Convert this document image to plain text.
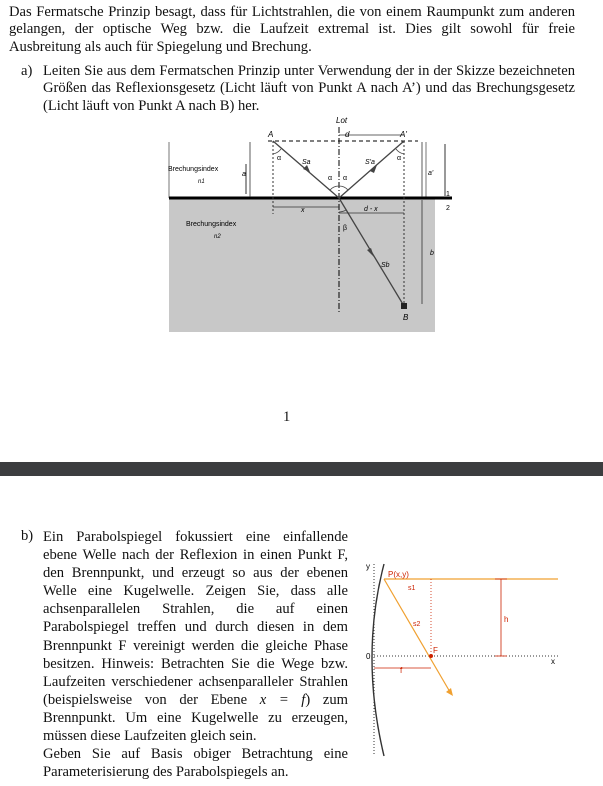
Das Fermatsche Prinzip besagt, dass für Lichtstrahlen, die von einem Raumpunkt zum anderen gelangen, der optische Weg bzw. die Laufzeit extremal ist. Dies gilt sowohl für freie Ausbreitung als auch für Spiegelung und Brechung.
a) Leiten Sie aus dem Fermatschen Prinzip unter Verwendung der in der Skizze bezeichneten Größen das Reflexionsgesetz (Licht läuft von Punkt A nach A’) und das Brechungsgesetz (Licht läuft von Punkt A nach B) her.
Lot
A	A'
B
d
α	α
α α
β
Sa	S'a
Sb
a	a'
b
x	d - x
1
2
Brechungsindex
n1
Brechungsindex
n2
1
b) Ein Parabolspiegel fokussiert eine einfallende ebene Welle nach der Reflexion in einen Punkt F, den Brennpunkt, und erzeugt so aus der ebenen Welle eine Kugelwelle. Zeigen Sie, dass alle achsenparallelen Strahlen, die auf einen Parabolspiegel treffen und durch diesen in dem Brennpunkt F vereinigt werden die gleiche Phase besitzen. Hinweis: Betrachten Sie die Wege bzw. Laufzeiten verschiedener achsenparalleler Strahlen (beispielsweise von der Ebene x = f) zum Brennpunkt. Um eine Kugelwelle zu erzeugen, müssen diese Laufzeiten gleich sein.
Geben Sie auf Basis obiger Betrachtung eine Parameterisierung des Parabolspiegels an.
y
x
0
f
F
h
P(x,y)
s1
s2
